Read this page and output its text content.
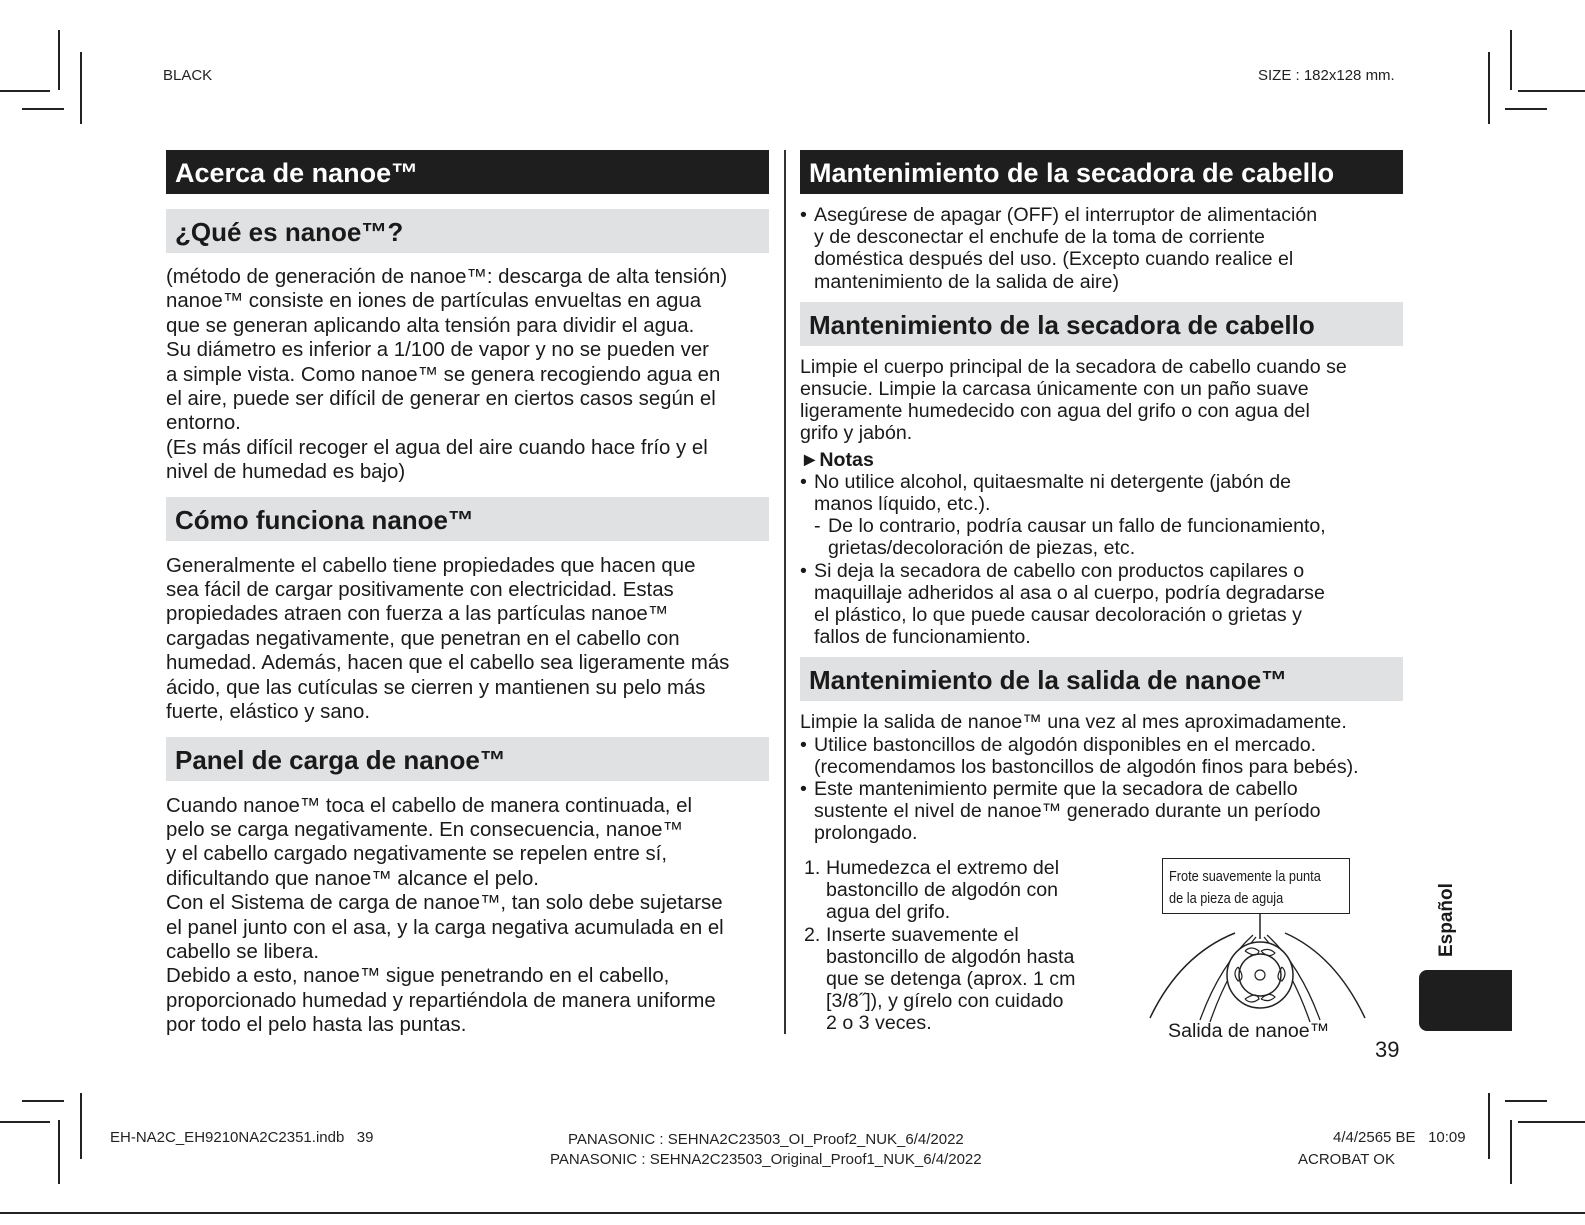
BLACK	SIZE : 182x128 mm.
EH-NA2C_EH9210NA2C2351.indb   39	PANASONIC : SEHNA2C23503_OI_Proof2_NUK_6/4/2022
PANASONIC : SEHNA2C23503_Original_Proof1_NUK_6/4/2022
4/4/2565 BE   10:09
ACROBAT OK
Acerca de nanoe™
¿Qué es nanoe™?

(método de generación de nanoe™: descarga de alta tensión)

nanoe™ consiste en iones de partículas envueltas en agua

que se generan aplicando alta tensión para dividir el agua.

Su diámetro es inferior a 1/100 de vapor y no se pueden ver

a simple vista. Como nanoe™ se genera recogiendo agua en

el aire, puede ser difícil de generar en ciertos casos según el

entorno.

(Es más difícil recoger el agua del aire cuando hace frío y el

nivel de humedad es bajo)

Cómo funciona nanoe™

Generalmente el cabello tiene propiedades que hacen que

sea fácil de cargar positivamente con electricidad. Estas

propiedades atraen con fuerza a las partículas nanoe™

cargadas negativamente, que penetran en el cabello con

humedad. Además, hacen que el cabello sea ligeramente más

ácido, que las cutículas se cierren y mantienen su pelo más

fuerte, elástico y sano.

Panel de carga de nanoe™

Cuando nanoe™ toca el cabello de manera continuada, el

pelo se carga negativamente. En consecuencia, nanoe™

y el cabello cargado negativamente se repelen entre sí,

dificultando que nanoe™ alcance el pelo.

Con el Sistema de carga de nanoe™, tan solo debe sujetarse

el panel junto con el asa, y la carga negativa acumulada en el

cabello se libera.

Debido a esto, nanoe™ sigue penetrando en el cabello,

proporcionado humedad y repartiéndola de manera uniforme

por todo el pelo hasta las puntas.

Mantenimiento de la secadora de cabello

• Asegúrese de apagar (OFF) el interruptor de alimentación

y de desconectar el enchufe de la toma de corriente

doméstica después del uso. (Excepto cuando realice el

mantenimiento de la salida de aire)

Mantenimiento de la secadora de cabello

Limpie el cuerpo principal de la secadora de cabello cuando se

ensucie. Limpie la carcasa únicamente con un paño suave

ligeramente humedecido con agua del grifo o con agua del

grifo y jabón.

►Notas

• No utilice alcohol, quitaesmalte ni detergente (jabón de

manos líquido, etc.).

- De lo contrario, podría causar un fallo de funcionamiento,

grietas/decoloración de piezas, etc.

• Si deja la secadora de cabello con productos capilares o

maquillaje adheridos al asa o al cuerpo, podría degradarse

el plástico, lo que puede causar decoloración o grietas y

fallos de funcionamiento.

Mantenimiento de la salida de nanoe™

Limpie la salida de nanoe™ una vez al mes aproximadamente.

• Utilice bastoncillos de algodón disponibles en el mercado.

(recomendamos los bastoncillos de algodón finos para bebés).

• Este mantenimiento permite que la secadora de cabello

sustente el nivel de nanoe™ generado durante un período

prolongado.

1. Humedezca el extremo del

bastoncillo de algodón con

agua del grifo.

2. Inserte suavemente el

bastoncillo de algodón hasta

que se detenga (aprox. 1 cm

[3/8˝]), y gírelo con cuidado

2 o 3 veces.

Frote suavemente la punta
de la pieza de aguja
Salida de nanoe™
39
Español
